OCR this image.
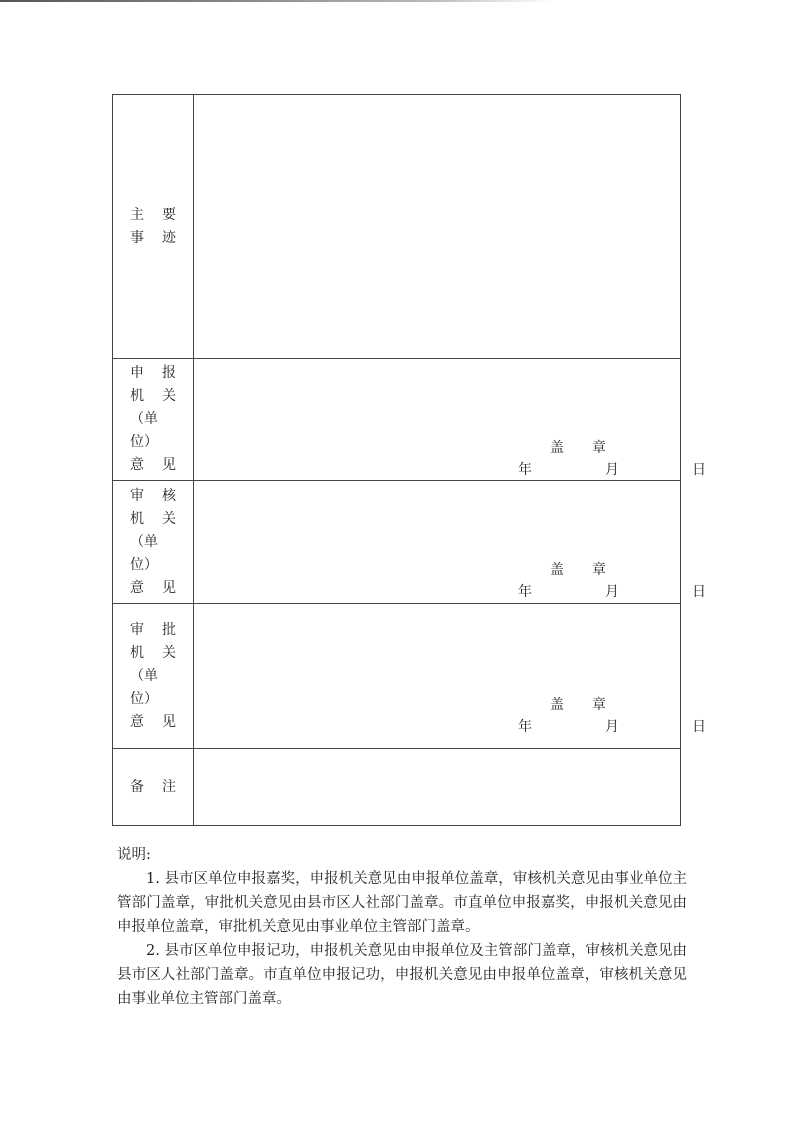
主 要
事 迹
申 报
机 关
（单位）
意 见
盖 章
年	月	日
审 核
机 关
（单位）
意 见
盖 章
年	月	日
审 批
机 关
（单位）
意 见
盖 章
年	月	日
备 注

说明:

1. 县市区单位申报嘉奖，申报机关意见由申报单位盖章，审核机关意见由事业单位主管部门盖章，审批机关意见由县市区人社部门盖章。市直单位申报嘉奖，申报机关意见由申报单位盖章，审批机关意见由事业单位主管部门盖章。

2. 县市区单位申报记功，申报机关意见由申报单位及主管部门盖章，审核机关意见由县市区人社部门盖章。市直单位申报记功，申报机关意见由申报单位盖章，审核机关意见由事业单位主管部门盖章。
